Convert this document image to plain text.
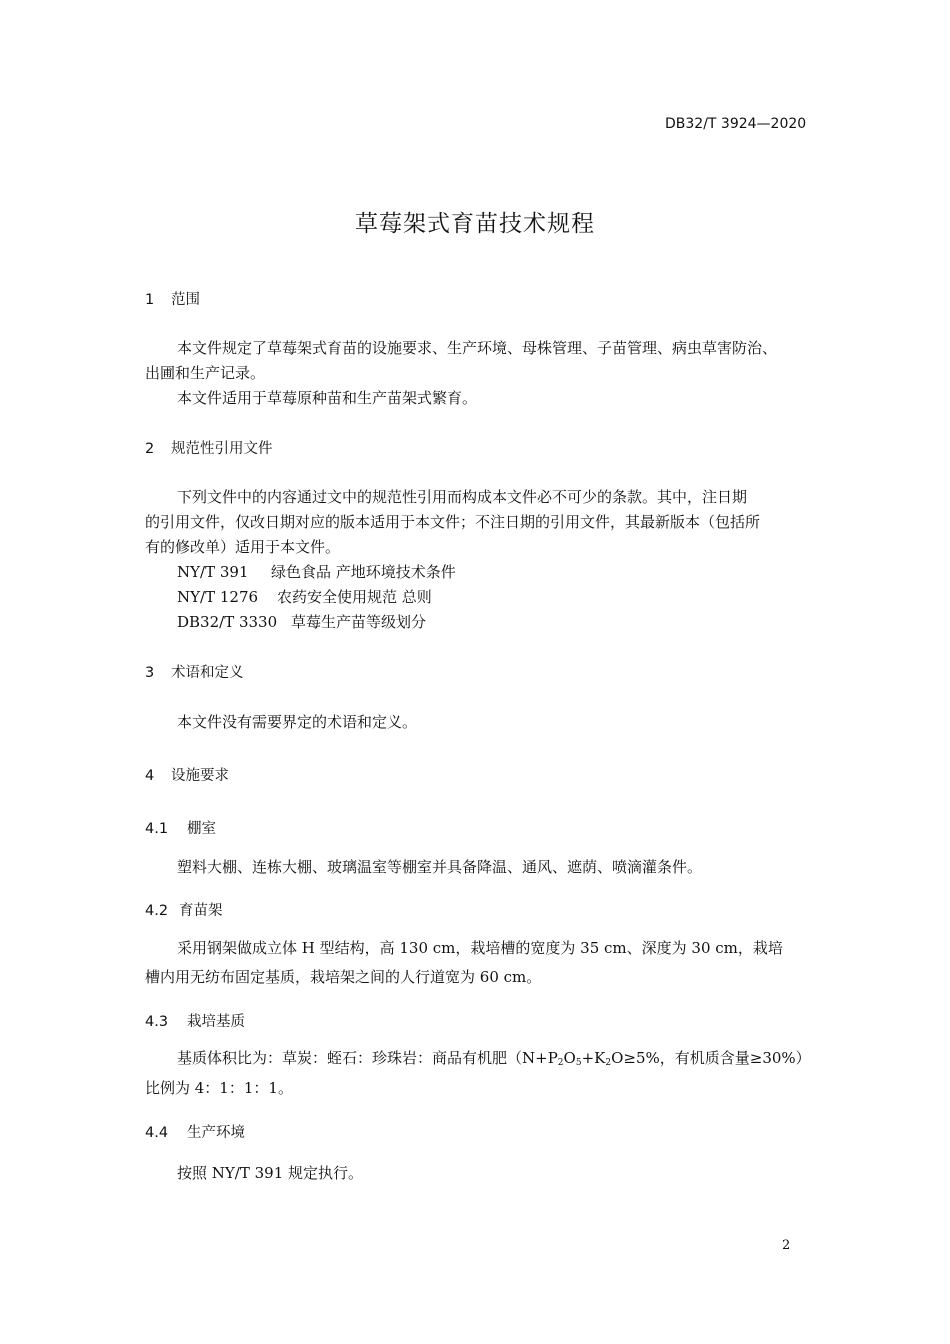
DB32/T 3924—2020
草莓架式育苗技术规程
1 范围
本文件规定了草莓架式育苗的设施要求、生产环境、母株管理、子苗管理、病虫草害防治、
出圃和生产记录。
本文件适用于草莓原种苗和生产苗架式繁育。
2 规范性引用文件
下列文件中的内容通过文中的规范性引用而构成本文件必不可少的条款。其中，注日期
的引用文件，仅改日期对应的版本适用于本文件；不注日期的引用文件，其最新版本（包括所
有的修改单）适用于本文件。
NY/T 391 绿色食品 产地环境技术条件
NY/T 1276 农药安全使用规范 总则
DB32/T 3330 草莓生产苗等级划分
3 术语和定义
本文件没有需要界定的术语和定义。
4 设施要求
4.1 棚室
塑料大棚、连栋大棚、玻璃温室等棚室并具备降温、通风、遮荫、喷滴灌条件。
4.2 育苗架
采用钢架做成立体 H 型结构，高 130 cm，栽培槽的宽度为 35 cm、深度为 30 cm，栽培
槽内用无纺布固定基质，栽培架之间的人行道宽为 60 cm。
4.3 栽培基质
基质体积比为：草炭：蛭石：珍珠岩：商品有机肥（$N+P_2O_5+K_2O\ge 5\%$，有机质含量≥30%）
比例为 4：1：1：1。
4.4 生产环境
按照 NY/T 391 规定执行。
2
